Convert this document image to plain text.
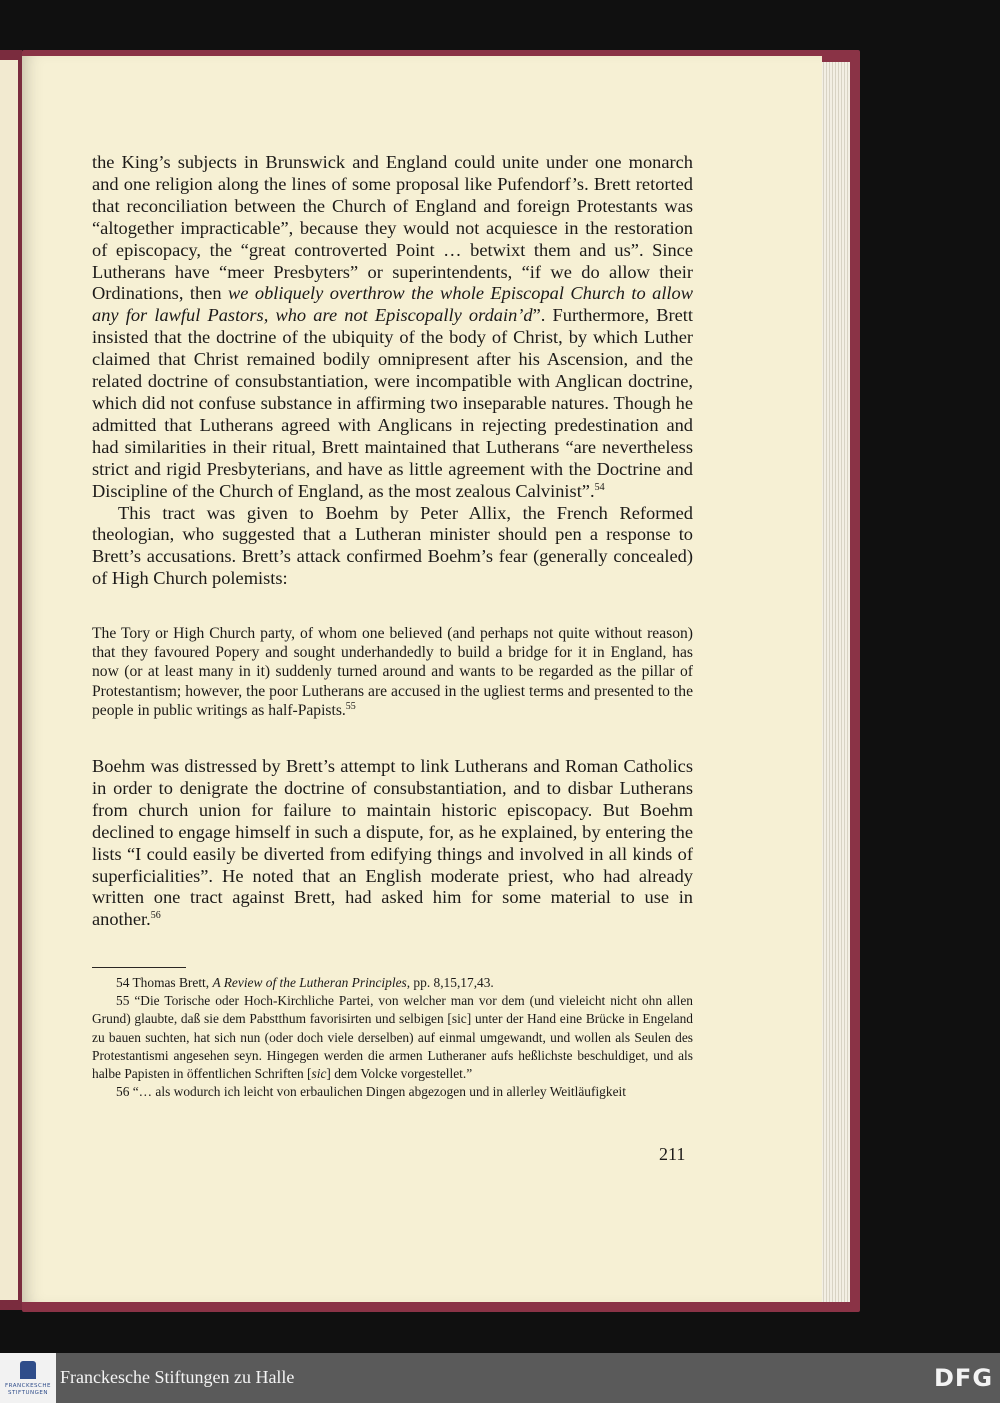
the King’s subjects in Brunswick and England could unite under one monarch and one religion along the lines of some proposal like Pufendorf’s. Brett retorted that reconciliation between the Church of England and foreign Protestants was “altogether impracticable”, because they would not acquiesce in the restoration of episcopacy, the “great controverted Point … betwixt them and us”. Since Lutherans have “meer Presbyters” or superintendents, “if we do allow their Ordinations, then we obliquely overthrow the whole Episcopal Church to allow any for lawful Pastors, who are not Episcopally ordain’d”. Furthermore, Brett insisted that the doctrine of the ubiquity of the body of Christ, by which Luther claimed that Christ remained bodily omnipresent after his Ascension, and the related doctrine of consubstantiation, were incompatible with Anglican doctrine, which did not confuse substance in affirming two inseparable natures. Though he admitted that Lutherans agreed with Anglicans in rejecting predestination and had similarities in their ritual, Brett maintained that Lutherans “are nevertheless strict and rigid Presbyterians, and have as little agreement with the Doctrine and Discipline of the Church of England, as the most zealous Calvinist”.$^{54}$

This tract was given to Boehm by Peter Allix, the French Reformed theologian, who suggested that a Lutheran minister should pen a response to Brett’s accusations. Brett’s attack confirmed Boehm’s fear (generally concealed) of High Church polemists:

The Tory or High Church party, of whom one believed (and perhaps not quite without reason) that they favoured Popery and sought underhandedly to build a bridge for it in England, has now (or at least many in it) suddenly turned around and wants to be regarded as the pillar of Protestantism; however, the poor Lutherans are accused in the ugliest terms and presented to the people in public writings as half-Papists.$^{55}$

Boehm was distressed by Brett’s attempt to link Lutherans and Roman Catholics in order to denigrate the doctrine of consubstantiation, and to disbar Lutherans from church union for failure to maintain historic episcopacy. But Boehm declined to engage himself in such a dispute, for, as he explained, by entering the lists “I could easily be diverted from edifying things and involved in all kinds of superficialities”. He noted that an English moderate priest, who had already written one tract against Brett, had asked him for some material to use in another.$^{56}$

54 Thomas Brett, A Review of the Lutheran Principles, pp. 8,15,17,43.

55 “Die Torische oder Hoch-Kirchliche Partei, von welcher man vor dem (und vieleicht nicht ohn allen Grund) glaubte, daß sie dem Pabstthum favorisirten und selbigen [sic] unter der Hand eine Brücke in Engeland zu bauen suchten, hat sich nun (oder doch viele derselben) auf einmal umgewandt, und wollen als Seulen des Protestantismi angesehen seyn. Hingegen werden die armen Lutheraner aufs heßlichste beschuldiget, und als halbe Papisten in öffentlichen Schriften [sic] dem Volcke vorgestellet.”

56 “… als wodurch ich leicht von erbaulichen Dingen abgezogen und in allerley Weitläufigkeit

211
FRANCKESCHE STIFTUNGEN
Franckesche Stiftungen zu Halle	DFG
